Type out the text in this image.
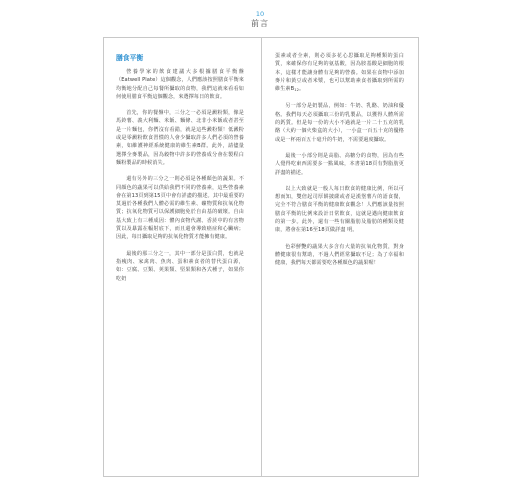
10
前言
膳食平衡

營養學家的飲食建議大多根據膳食平衡盤（Eatwell Plate）這個觀念，人們應該按照膳食平衡來均衡地分配自己每餐所攝取的食物，我們這就來看看如何使用膳食平衡這個觀念，來選擇每日的飲食。

首先，你的餐盤中，三分之一必須是澱粉類，像是馬鈴薯、義大利麵、米飯、麵條、北非小米飯或者甚至是一片麵包，你們沒有看錯，就是這些澱粉類！低澱粉或是零澱粉飲食習慣的人會少攝取許多人們必須的營養素，如維護神經系統健康的維生素B群。此外，請儘量選擇全麥製品，因為穀物中許多的營養成分會在製程白麵粉製品的時候消失。

還有另外的三分之一則必須是各種顏色的蔬果。不同顏色的蔬果可以供給我們不同的營養素，這些營養素會在第13頁到第15頁中會有詳盡的描述。其中最重要的莫過於各種我們人體必需的維生素、礦物質和抗氧化物質；抗氧化物質可以保護細胞免於自由基的破壞。自由基大致上有三種成因：體內食物代謝、香菸中的有害物質以及暴露在輻射底下，而且還會導致癌症和心臟病；因此，每日攝取足夠的抗氧化物質才能擁有健康。

最後的那三分之一，其中一部分是蛋白質，也就是指瘦肉、家禽肉、魚肉、蛋和素食者的替代蛋白源，如：豆腐、豆類、莢果類、堅果類和各式種子，如果你吃奶

蛋素或者全素，則必須多花心思攝取足夠種類的蛋白質，來確保你有足夠的氨基酸，因為胺基酸是細胞的根本，這樣才能讓身體有足夠的營養。如果在食物中添加麥片和黃豆或者米漿，也可以幫助素食者攝取到所需的維生素$B_{12}$。

另一部分是奶製品，例如：牛奶、乳酪、奶油和優格。我們每天必須攝取三份的乳製品，以獲得人體所需的鈣質。但是每一份的大小不過就是一片二十五克的乳酪（大約一個火柴盒的大小），一小盒一百五十克的優格或是一杯兩百五十毫升的牛奶，不需要過度攝取。

最後一小部分則是高脂、高糖分的食物，因為有些人覺得吃東西需要多一點風味，本書第18頁有對脂肪更詳盡的描述。

以上大致就是一般人每日飲食的健康比例，所以可想而知，雙倍起司厚餅披薩或者是漢堡薯片的語食餐，完全不符合膳食平衡的健康飲食觀念！人們應該量按照膳食平衡的比例來設計日常飲食，這就是邁向健康飲食的第一步。此外，還有一些有關脂肪及脂肪的種類及健康，將會在第16至18頁做詳盡 明。

色彩鮮艷的蔬果大多含有大量的抗氧化物質，對身體健康很有幫助，不過人們經常攝取不足；為了幸福和健康，我們每天都需要吃各種顏色的蔬果喔！
